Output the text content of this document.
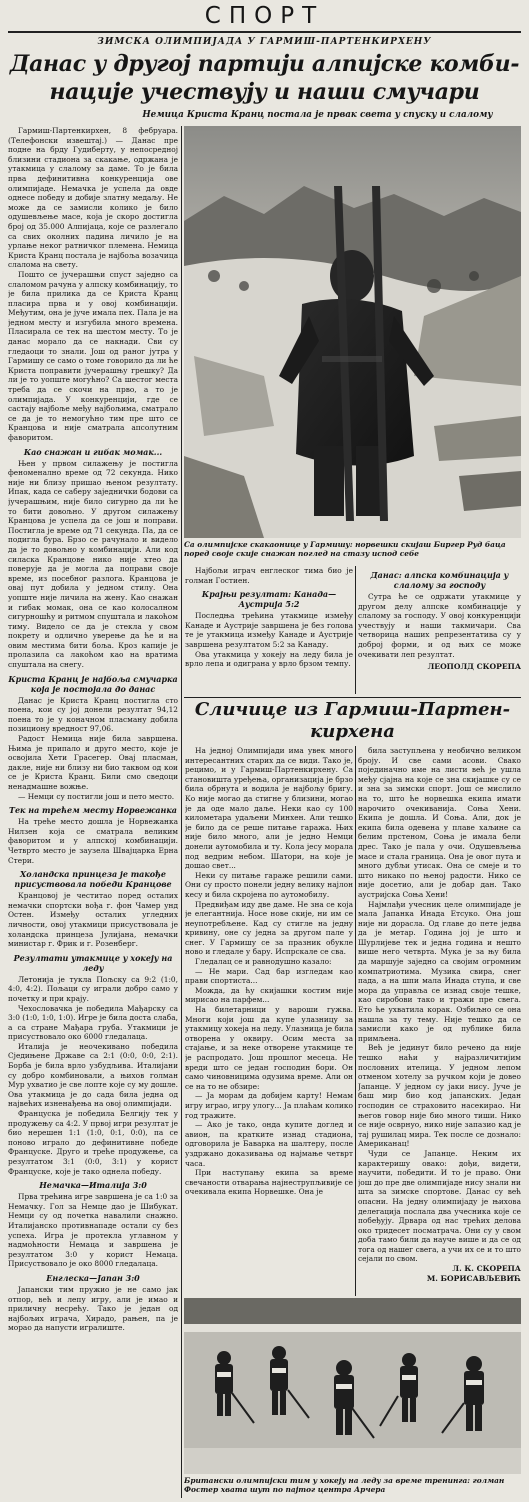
СПОРТ
ЗИМСКА ОЛИМПИЈАДА У ГАРМИШ-ПАРТЕНКИРХЕНУ
Данас у другој партији алпијске комби-
нације учествују и наши смучари
Немица Криста Кранц постала је првак света у спуску и слалому

Гармиш-Партенкирхен, 8 фебруара. (Телефонски извештај.) — Данас пре подне на брду Гудиберту, у непосредној близини стадиона за скакање, одржана је утакмица у слалому за даме. То је била прва дефинитивна конкуренција ове олимпијаде. Немачка је успела да овде однесе победу и добије златну медаљу. Не може да се замисли колико је било одушевљење масе, која је скоро достигла број од 35.000 Алпијаца, које се разлегало са свих околних падина личило је на урлање неког ратничког племена. Немица Криста Кранц постала је најбоља возачица слалома на свету.

Пошто се јучерашњи спуст заједно са слаломом рачуна у алпску комбинацију, то је била прилика да се Криста Кранц пласира прва и у овој комбинацији. Међутим, она је јуче имала пех. Пала је на једном месту и изгубила много времена. Пласирала се тек на шестом месту. То је данас морало да се накнади. Сви су гледаоци то знали. Још од раног јутра у Гармишу се само о томе говорило да ли ће Криста поправити јучерашњу грешку? Да ли је то уопште могућно? Са шестог места треба да се скочи на прво, а то је олимпијада. У конкуренцији, где се састају најбоље међу најбољима, сматрало се да је то немогућно тим пре што се Кранцова и није сматрала апсолутним фаворитом.

Као снажан и гибак момак...

Њен у првом силажењу је постигла феноменално време од 72 секунда. Нико није ни близу пришао њеном резултату. Ипак, када се саберу заједнички бодови са јучерашњим, није било сигурно да ли ће то бити довољно. У другом силажењу Кранцова је успела да се још и поправи. Постигла је време од 71 секунда. Па, да се подигла бура. Брзо се рачунало и видело да је то довољно у комбинацији. Али код силаска Кранцове нико није хтео да поверује да је могла да поправи своје време, из посебног разлога. Кранцова је овај пут добила у једном стилу. Она уопште није личила на жену. Као снажан и гибак момак, она се као колосалном сигурношћу и ритмом спуштала и лакоћом тиму. Видело се да је стекла у свом покрету и одлично уверење да ће и на овим местима бити боља. Кроз капије је пролазила са лакоћом као на вратима спуштала на снегу.

Криста Кранц је најбоља смучарка која је постојала до данас

Данас је Криста Кранц постигла сто поена, кои су јој донели резултат 94,12 поена то је у коначном пласману добила позициону вредност 97,06.

Радост Немица није била завршена. Њима је припало и друго место, које је освојила Хети Грасегер. Овај пласман, дакле, није ни близу ни био таквом од кои се је Криста Кранц. Били смо сведоци ненадмашне вожње.

— Немци су постигли још и пето место.

Тек на трећем месту Норвежанка

На треће место дошла је Норвежанка Нилзен која се сматрала великим фаворитом и у алпској комбинацији. Четврто место је заузела Швајцарка Ерна Стери.

Холандска принцеза је такође присуствовала победи Кранцове

Кранцовој је честитао поред осталих немачки спортски вођа г. фон Чамер унд Остен. Између осталих угледних личности, овој утакмици присуствовала је холандска принцеза Јулијана, немачки министар г. Фрик и г. Розенберг.

Резултати утакмице у хокеју на леду

Летонија је тукла Пољску са 9:2 (1:0, 4:0, 4:2). Пољаци су играли добро само у почетку и при крају.

Чехословачка је победила Мађарску са 3:0 (1:0, 1:0, 1:0). Игре је била доста слаба, а са стране Мађара груба. Утакмици је присуствовало око 6000 гледалаца.

Италија је неочекивано победила Сједињене Државе са 2:1 (0:0, 0:0, 2:1). Борба је била врло узбудљива. Италијани су добро комбиновали, а њихов голман Мур ухватио је све лопте које су му дошле. Ова утакмица је до сада била једна од највећих изненађења на овој олимпијади.

Француска је победила Белгију тек у продужењу са 4:2. У првој игри резултат је био нерешен 1:1 (1:0, 0:1, 0:0), па се поново играло до дефинитивне победе Француске. Друго и треће продужење, са резултатом 3:1 (0:0, 3:1) у корист Француске, које је тако однела победу.

Немачка—Италија 3:0

Прва трећина игре завршена је са 1:0 за Немачку. Гол за Немце дао је Шибукат. Немци су од почетка навалили снажно. Италијанско противнападе остали су без успеха. Игра је протекла углавном у надмоћности Немаца и завршена је резултатом 3:0 у корист Немаца. Присуствовало је око 8000 гледалаца.

Енглеска—Јапан 3:0

Јапански тим пружио је не само јак отпор, већ и лепу игру, али је имао и приличну несрећу. Тако је један од најбољих играча, Хирадо, рањен, па је морао да напусти игралиште.

Са олимпијске скакаонице у Гармишу: норвешки скијаш Биргер Руд баца поред своје скије снажан поглед на стазу испод себе

Најбољи играч енглеског тима био је голман Гостиен.

Крајњи резултат: Канада—Аустрија 5:2

Последња трећина утакмице између Канаде и Аустрије завршена је без голова те је утакмица између Канаде и Аустрије завршена резултатом 5:2 за Канаду.

Ова утакмица у хокеју на леду била је врло лепа и одиграна у врло брзом темпу.

Данас: алпска комбинација у слалому за господу

Сутра ће се одржати утакмице у другом делу алпске комбинације у слалому за господу. У овој конкуренцији учествују и наши такмичари. Сва четворица наших репрезентатива су у доброј форми, и од њих се може очекивати леп резултат.

ЛЕОПОЛД СКОРЕПА
Сличице из Гармиш-Партен-
кирхена

На једној Олимпијади има увек много интересантних старих да се види. Тако је, рецимо, и у Гармиш-Партенкирхену. Са становишта уређења, организација је брзо била обрнута и водила је најбољу бригу. Ко није могао да стигне у близини, могао је да оде мало даље. Неки као су 100 километара удаљени Минхен. Али тешко је било да се реше питање гаража. Њих није било много, али је једно Немци донели аутомобила и ту. Кола јесу морала под ведрим небом. Шатори, на које је дошао свет...

Неки су питање гараже решили сами. Они су просто понели једну велику најлон кесу и била скројена по аутомобилу.

Предвиђам иду две даме. Не зна се која је елегантнија. Носе нове скије, ни им се неупотребљене. Кад су стигле на једну кривину, оне су једна за другом пале у снег. У Гармишу се за празник обукле ново и гледале у бару. Испрскале се сва.

Гледалац се и равнодушно казало:

— Не мари. Сад бар изгледам као прави спортиста...

Можда, да ћу скијашки костим није мирисао на парфем...

На билетарници у вароши гужва. Многи који још да купе улазницу за утакмицу хокеја на леду. Улазница је била отворена у оквиру. Осим места за стајање, и за неке отворене утакмице те је распродато. Још прошлог месеца. Не вреди што се један господин бори. Он само чиновницима одузима време. Али он се на то не обзире:

— Ја морам да добијем карту! Немам игру играо, игру улогу... Ја плаћам колико год тражите.

— Ако је тако, онда купите доглед и авион, па кратките изнад стадиона, одговорила је Баварка на шалтеру, после уздржано доказивања од најмање четврт часа.

При наступању екипа за време свечаности отварања најнеструпљивије се очекивала екипа Норвешке. Она је

била заступљена у необично великом броју. И све сами асови. Свако појединачно име на листи већ је ушла међу сјајна на које се зна скијашке су се и зна за зимски спорт. Још се мислило на то, што ће норвешка екипа имати нарочито очекиванија. Соња Хени. Екипа је дошла. И Соња. Али, док је екипа била одевена у плаве хаљине са белим прстеном, Соња је имала бели дрес. Тако је пала у очи. Одушевљења масе и стала граница. Она је овог пута и много дубљи утисак. Она се смеје и то што никако по њеној радости. Нико се није досетио, али је добар дан. Тако аустријска Соња Хени!

Најмлађи учесник целе олимпијаде је мала Јапанка Инада Етсуко. Она још није ни дорасла. Од главе до пете једва да је метар. Година јој је што и Шурлијеве тек и једна година и нешто више него четврта. Мука је за њу била да маршује заједно са својим огромним компатриотима. Музика свира, снег пада, а на шпи мала Инада ступа, и све мора да управља се изнад своје тешке, као сиробови тако и тражи пре свега. Ето ће ухватила корак. Озбиљно се она нашла за ту тему. Није тешко да се замисли како је од публике била примљена.

Већ је јединут било речено да није тешко наћи у најразличитијим пословних ителица. У једном лепом отменом хотелу за ручком који је довео Јапанце. У једном су јаки нису. Јуче је баш мир био код јапанских. Један господин се страховито насекирао. Ни његов говор није био много тиши. Нико се није осврнуо, нико није запазио кад је тај рушилац мира. Тек после се дознало: Американац!

Чуди се Јапанце. Неким их карактеришу овако: дођи, видети, научити, победити. И то је право. Они још до пре две олимпијаде нису знали ни шта за зимске спортове. Данас су већ опасни. На једну олимпијаду је њихова делегација послала два учесника које се побеђују. Дрвара од нас трећих делова око тридесет посматрача. Они су у свом доба тамо били да науче више и да се од тога од нашег свега, а учи их се и то што сејали по свом.

Л. К. СКОРЕПА
М. БОРИСАВЉЕВИЋ
Британски олимпијски тим у хокеју на леду за време тренинга: голман Фостер хвата шут по пајтог центра Арчера
